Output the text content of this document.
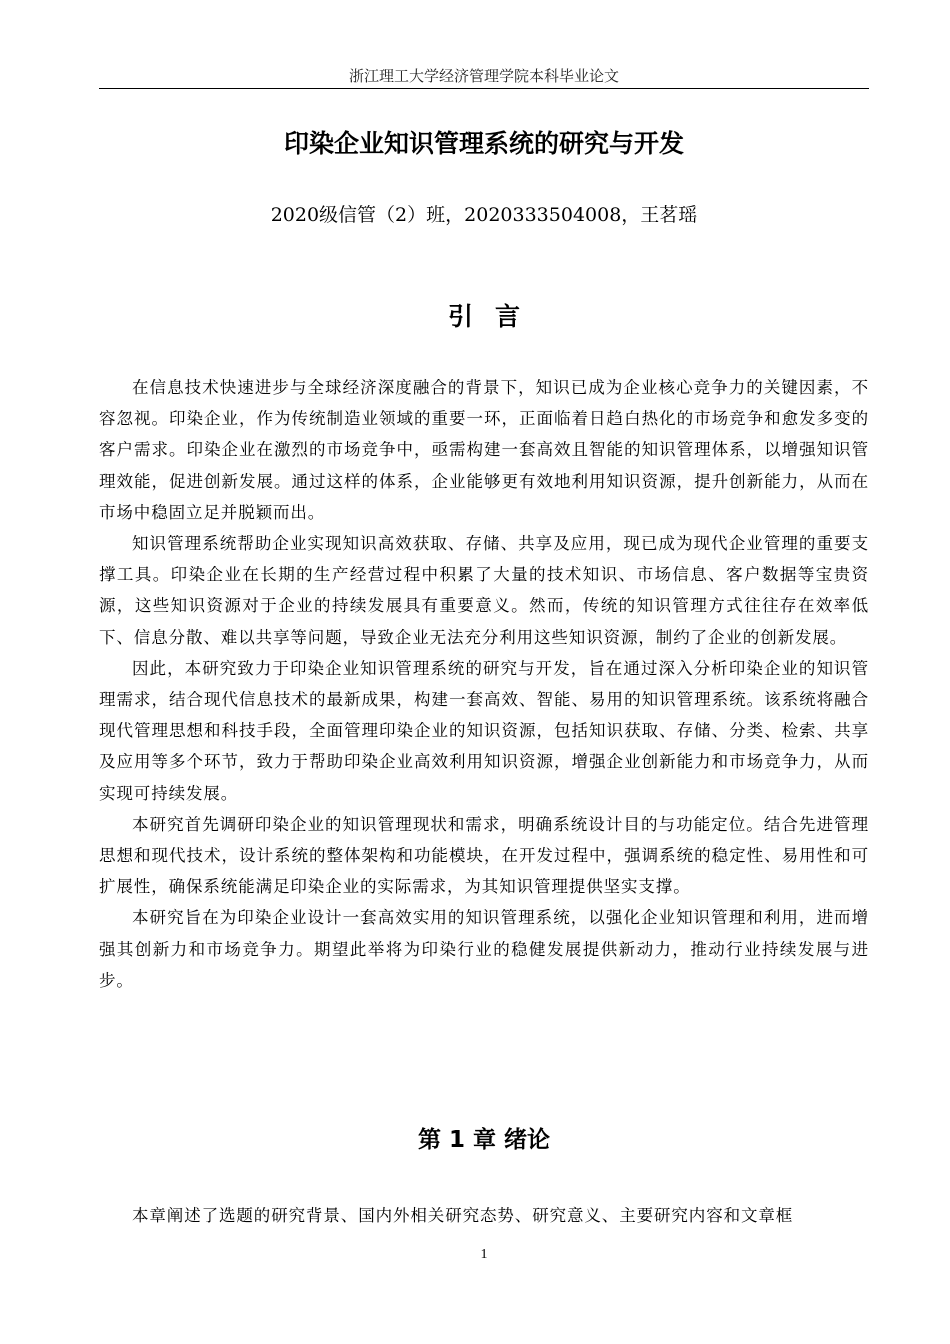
浙江理工大学经济管理学院本科毕业论文
印染企业知识管理系统的研究与开发
2020级信管（2）班，2020333504008，王茗瑶
引言

在信息技术快速进步与全球经济深度融合的背景下，知识已成为企业核心竞争力的关键因素，不容忽视。印染企业，作为传统制造业领域的重要一环，正面临着日趋白热化的市场竞争和愈发多变的客户需求。印染企业在激烈的市场竞争中，亟需构建一套高效且智能的知识管理体系，以增强知识管理效能，促进创新发展。通过这样的体系，企业能够更有效地利用知识资源，提升创新能力，从而在市场中稳固立足并脱颖而出。

知识管理系统帮助企业实现知识高效获取、存储、共享及应用，现已成为现代企业管理的重要支撑工具。印染企业在长期的生产经营过程中积累了大量的技术知识、市场信息、客户数据等宝贵资源，这些知识资源对于企业的持续发展具有重要意义。然而，传统的知识管理方式往往存在效率低下、信息分散、难以共享等问题，导致企业无法充分利用这些知识资源，制约了企业的创新发展。

因此，本研究致力于印染企业知识管理系统的研究与开发，旨在通过深入分析印染企业的知识管理需求，结合现代信息技术的最新成果，构建一套高效、智能、易用的知识管理系统。该系统将融合现代管理思想和科技手段，全面管理印染企业的知识资源，包括知识获取、存储、分类、检索、共享及应用等多个环节，致力于帮助印染企业高效利用知识资源，增强企业创新能力和市场竞争力，从而实现可持续发展。

本研究首先调研印染企业的知识管理现状和需求，明确系统设计目的与功能定位。结合先进管理思想和现代技术，设计系统的整体架构和功能模块，在开发过程中，强调系统的稳定性、易用性和可扩展性，确保系统能满足印染企业的实际需求，为其知识管理提供坚实支撑。

本研究旨在为印染企业设计一套高效实用的知识管理系统，以强化企业知识管理和利用，进而增强其创新力和市场竞争力。期望此举将为印染行业的稳健发展提供新动力，推动行业持续发展与进步。

第 1 章 绪论

本章阐述了选题的研究背景、国内外相关研究态势、研究意义、主要研究内容和文章框

1
